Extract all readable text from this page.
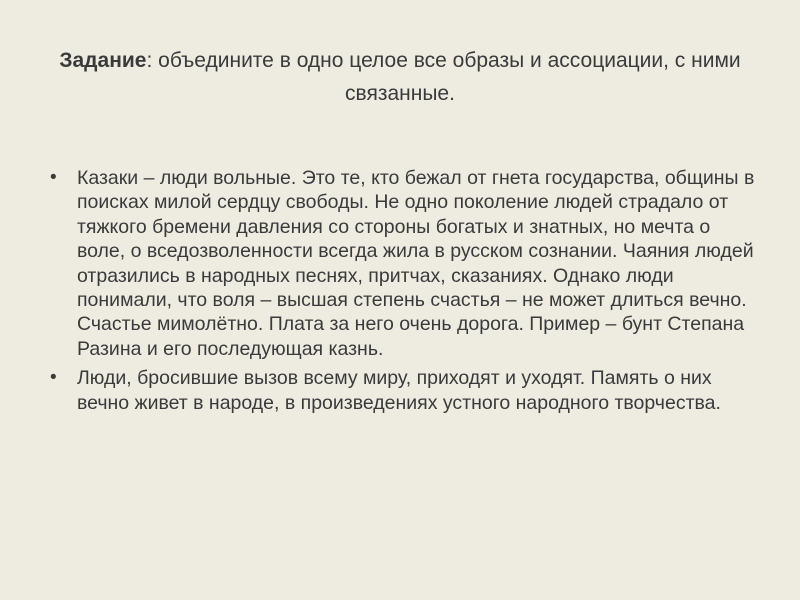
Задание: объедините в одно целое все образы и ассоциации, с ними связанные.
•	Казаки – люди вольные. Это те, кто бежал от гнета государства, общины в поисках милой сердцу свободы. Не одно поколение людей страдало от тяжкого бремени давления со стороны богатых и знатных, но мечта о воле, о вседозволенности всегда жила в русском сознании. Чаяния людей отразились в народных песнях, притчах, сказаниях. Однако люди понимали, что воля – высшая степень счастья – не может длиться вечно. Счастье мимолётно. Плата за него очень дорога. Пример – бунт Степана Разина и его последующая казнь.
•	Люди, бросившие вызов всему миру, приходят и уходят. Память о них вечно живет в народе, в произведениях устного народного творчества.
